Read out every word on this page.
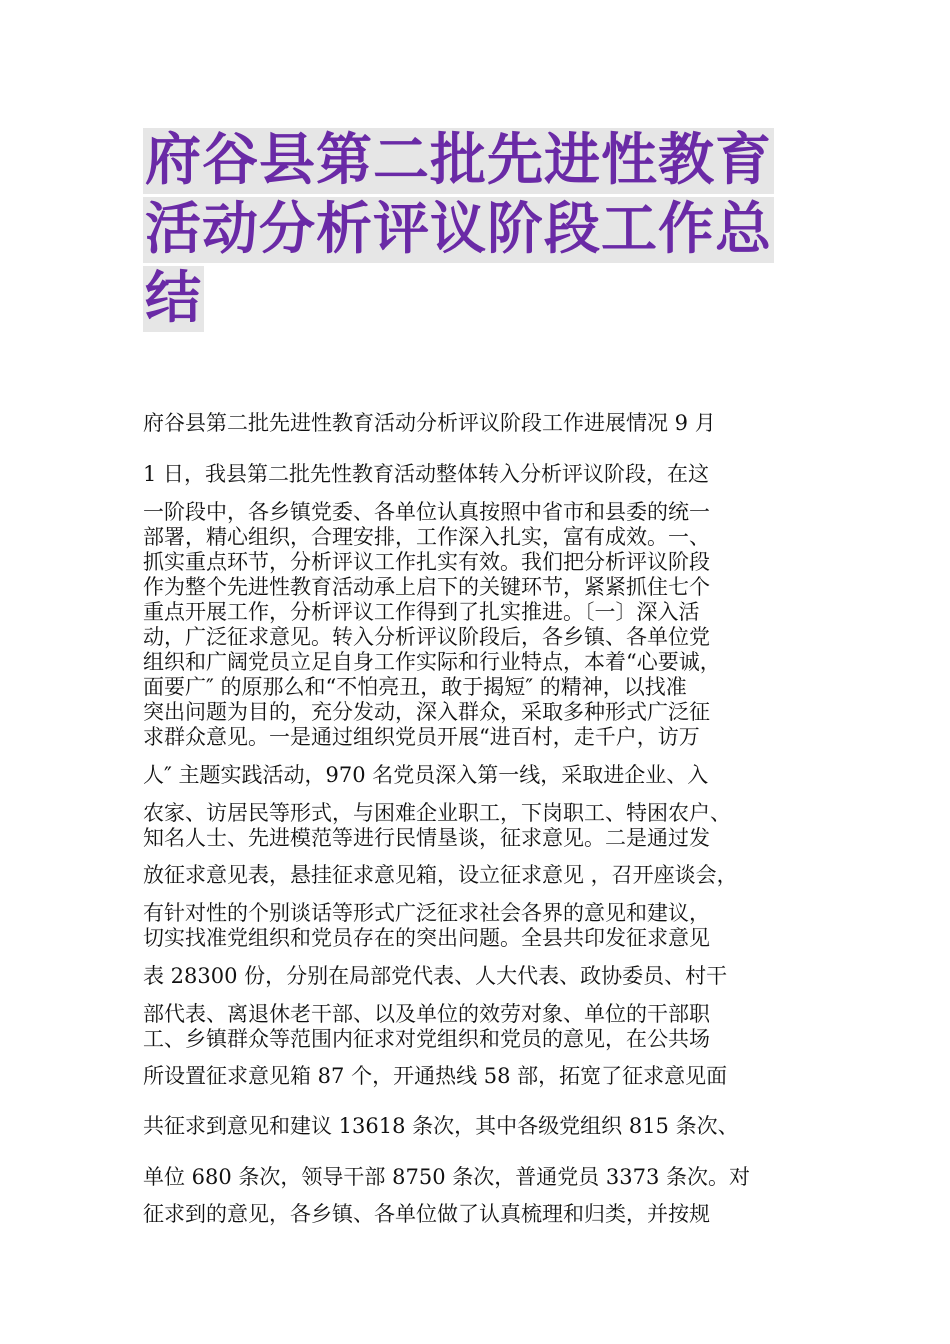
府谷县第二批先进性教育
活动分析评议阶段工作总
结
府谷县第二批先进性教育活动分析评议阶段工作进展情况 9 月
1 日，我县第二批先性教育活动整体转入分析评议阶段，在这
一阶段中，各乡镇党委、各单位认真按照中省市和县委的统一
部署，精心组织，合理安排，工作深入扎实，富有成效。一、
抓实重点环节，分析评议工作扎实有效。我们把分析评议阶段
作为整个先进性教育活动承上启下的关键环节，紧紧抓住七个
重点开展工作，分析评议工作得到了扎实推进。〔一〕深入活
动，广泛征求意见。转入分析评议阶段后，各乡镇、各单位党
组织和广阔党员立足自身工作实际和行业特点，本着“心要诚，
面要广″ 的原那么和“不怕亮丑，敢于揭短″ 的精神，以找准
突出问题为目的，充分发动，深入群众，采取多种形式广泛征
求群众意见。一是通过组织党员开展“进百村，走千户，访万
人″ 主题实践活动，970 名党员深入第一线，采取进企业、入
农家、访居民等形式，与困难企业职工，下岗职工、特困农户、
知名人士、先进模范等进行民情垦谈，征求意见。二是通过发
放征求意见表，悬挂征求意见箱，设立征求意见 ，召开座谈会，
有针对性的个别谈话等形式广泛征求社会各界的意见和建议，
切实找准党组织和党员存在的突出问题。全县共印发征求意见
表 28300 份，分别在局部党代表、人大代表、政协委员、村干
部代表、离退休老干部、以及单位的效劳对象、单位的干部职
工、乡镇群众等范围内征求对党组织和党员的意见，在公共场
所设置征求意见箱 87 个，开通热线 58 部，拓宽了征求意见面
共征求到意见和建议 13618 条次，其中各级党组织 815 条次、
单位 680 条次，领导干部 8750 条次，普通党员 3373 条次。对
征求到的意见，各乡镇、各单位做了认真梳理和归类，并按规
